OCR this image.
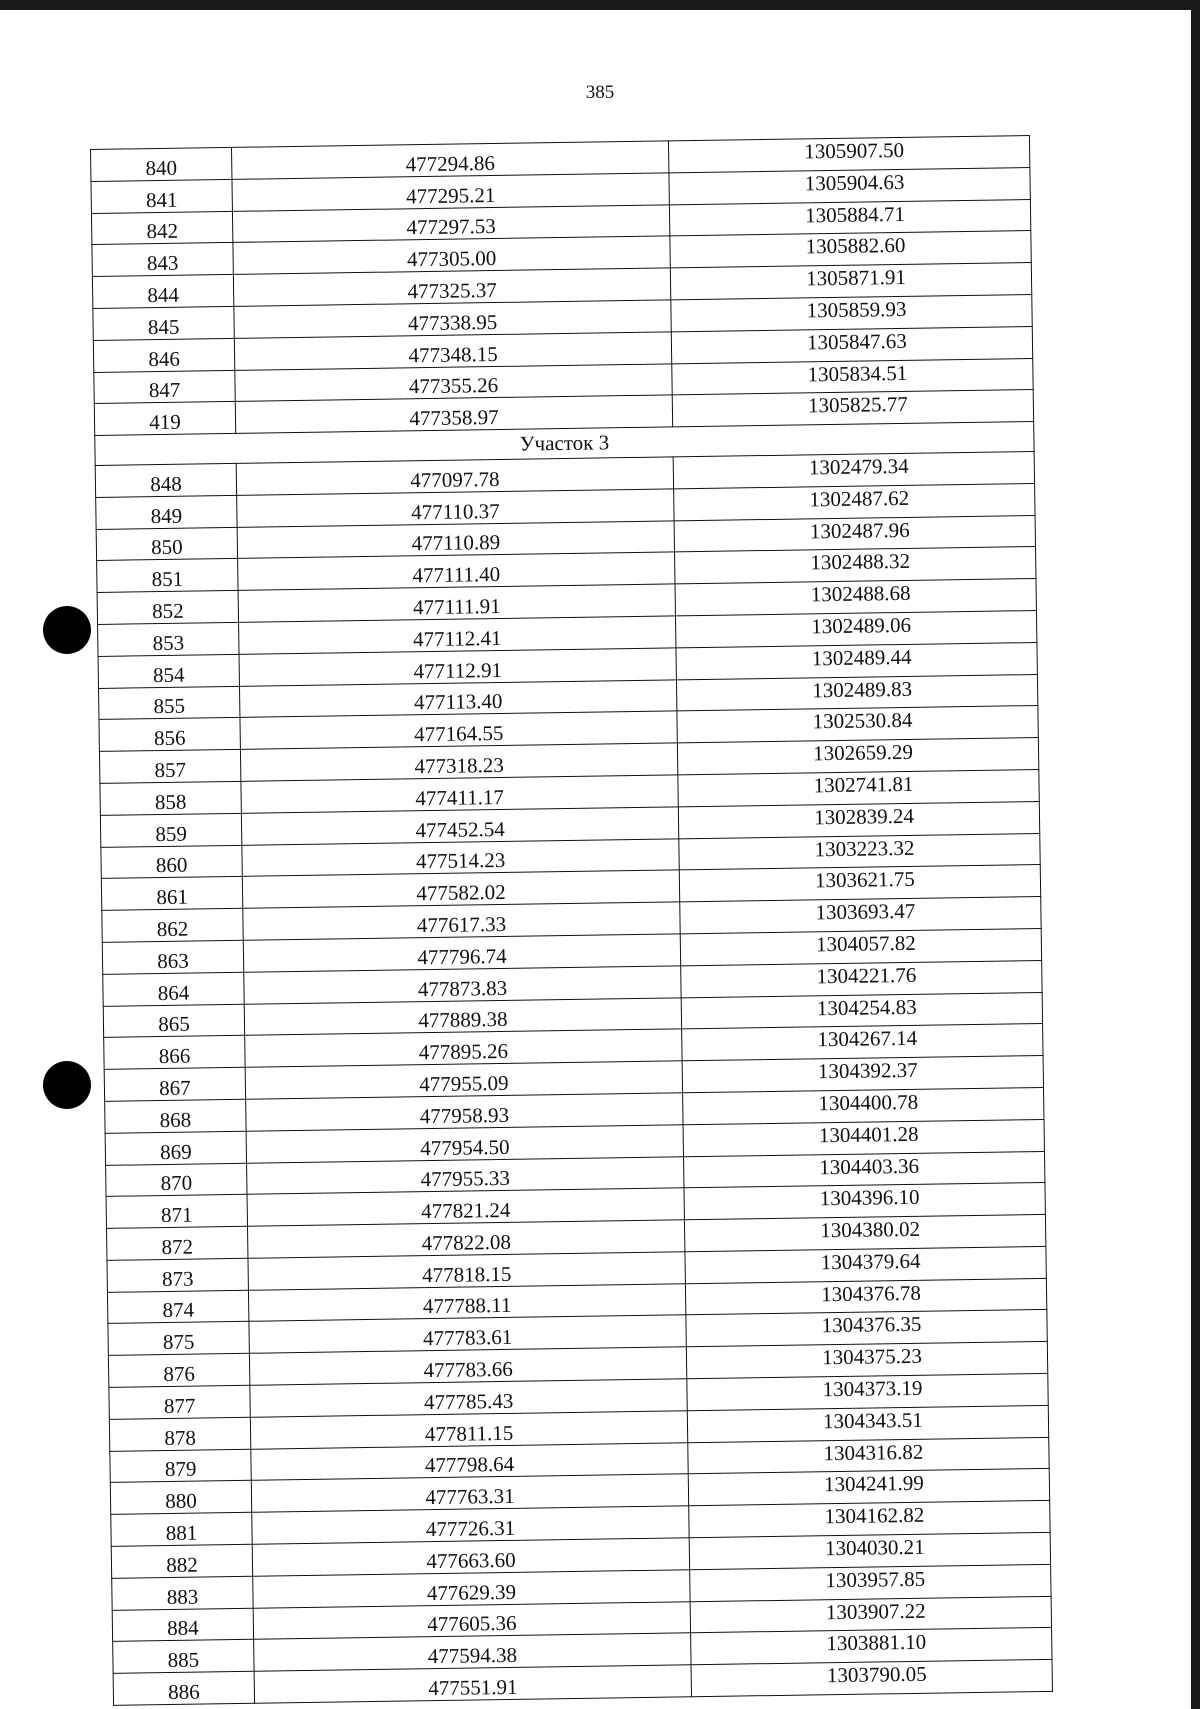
385
840	477294.86	1305907.50
841	477295.21	1305904.63
842	477297.53	1305884.71
843	477305.00	1305882.60
844	477325.37	1305871.91
845	477338.95	1305859.93
846	477348.15	1305847.63
847	477355.26	1305834.51
419	477358.97	1305825.77
Участок 3		
848	477097.78	1302479.34
849	477110.37	1302487.62
850	477110.89	1302487.96
851	477111.40	1302488.32
852	477111.91	1302488.68
853	477112.41	1302489.06
854	477112.91	1302489.44
855	477113.40	1302489.83
856	477164.55	1302530.84
857	477318.23	1302659.29
858	477411.17	1302741.81
859	477452.54	1302839.24
860	477514.23	1303223.32
861	477582.02	1303621.75
862	477617.33	1303693.47
863	477796.74	1304057.82
864	477873.83	1304221.76
865	477889.38	1304254.83
866	477895.26	1304267.14
867	477955.09	1304392.37
868	477958.93	1304400.78
869	477954.50	1304401.28
870	477955.33	1304403.36
871	477821.24	1304396.10
872	477822.08	1304380.02
873	477818.15	1304379.64
874	477788.11	1304376.78
875	477783.61	1304376.35
876	477783.66	1304375.23
877	477785.43	1304373.19
878	477811.15	1304343.51
879	477798.64	1304316.82
880	477763.31	1304241.99
881	477726.31	1304162.82
882	477663.60	1304030.21
883	477629.39	1303957.85
884	477605.36	1303907.22
885	477594.38	1303881.10
886	477551.91	1303790.05
